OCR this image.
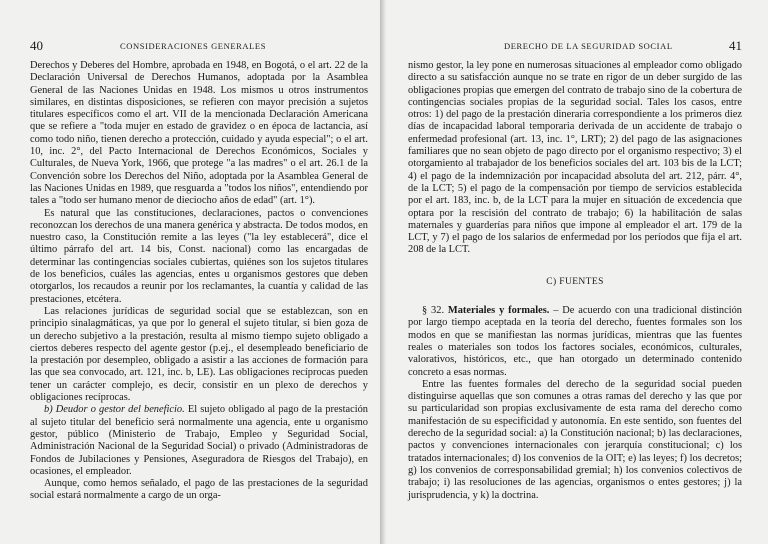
40	CONSIDERACIONES GENERALES

Derechos y Deberes del Hombre, aprobada en 1948, en Bogotá, o el art. 22 de la Declaración Universal de Derechos Humanos, adoptada por la Asamblea General de las Naciones Unidas en 1948. Los mismos u otros instrumentos similares, en distintas disposiciones, se refieren con mayor precisión a sujetos titulares específicos como el art. VII de la mencionada Declaración Americana que se refiere a "toda mujer en estado de gravidez o en época de lactancia, así como todo niño, tienen derecho a protección, cuidado y ayuda especial"; o el art. 10, inc. 2°, del Pacto Internacional de Derechos Económicos, Sociales y Culturales, de Nueva York, 1966, que protege "a las madres" o el art. 26.1 de la Convención sobre los Derechos del Niño, adoptada por la Asamblea General de las Naciones Unidas en 1989, que resguarda a "todos los niños", entendiendo por tales a "todo ser humano menor de dieciocho años de edad" (art. 1°).

Es natural que las constituciones, declaraciones, pactos o convenciones reconozcan los derechos de una manera genérica y abstracta. De todos modos, en nuestro caso, la Constitución remite a las leyes ("la ley establecerá", dice el último párrafo del art. 14 bis, Const. nacional) como las encargadas de determinar las contingencias sociales cubiertas, quiénes son los sujetos titulares de los beneficios, cuáles las agencias, entes u organismos gestores que deben otorgarlos, los recaudos a reunir por los reclamantes, la cuantía y calidad de las prestaciones, etcétera.

Las relaciones jurídicas de seguridad social que se establezcan, son en principio sinalagmáticas, ya que por lo general el sujeto titular, si bien goza de un derecho subjetivo a la prestación, resulta al mismo tiempo sujeto obligado a ciertos deberes respecto del agente gestor (p.ej., el desempleado beneficiario de la prestación por desempleo, obligado a asistir a las acciones de formación para las que sea convocado, art. 121, inc. b, LE). Las obligaciones recíprocas pueden tener un carácter complejo, es decir, consistir en un plexo de derechos y obligaciones recíprocas.

b) Deudor o gestor del beneficio. El sujeto obligado al pago de la prestación al sujeto titular del beneficio será normalmente una agencia, ente u organismo gestor, público (Ministerio de Trabajo, Empleo y Seguridad Social, Administración Nacional de la Seguridad Social) o privado (Administradoras de Fondos de Jubilaciones y Pensiones, Aseguradora de Riesgos del Trabajo), en ocasiones, el empleador.

Aunque, como hemos señalado, el pago de las prestaciones de la seguridad social estará normalmente a cargo de un orga-

DERECHO DE LA SEGURIDAD SOCIAL	41

nismo gestor, la ley pone en numerosas situaciones al empleador como obligado directo a su satisfacción aunque no se trate en rigor de un deber surgido de las obligaciones propias que emergen del contrato de trabajo sino de la cobertura de contingencias sociales propias de la seguridad social. Tales los casos, entre otros: 1) del pago de la prestación dineraria correspondiente a los primeros diez días de incapacidad laboral temporaria derivada de un accidente de trabajo o enfermedad profesional (art. 13, inc. 1°, LRT); 2) del pago de las asignaciones familiares que no sean objeto de pago directo por el organismo respectivo; 3) el otorgamiento al trabajador de los beneficios sociales del art. 103 bis de la LCT; 4) el pago de la indemnización por incapacidad absoluta del art. 212, párr. 4°, de la LCT; 5) el pago de la compensación por tiempo de servicios establecida por el art. 183, inc. b, de la LCT para la mujer en situación de excedencia que optara por la rescisión del contrato de trabajo; 6) la habilitación de salas maternales y guarderías para niños que impone al empleador el art. 179 de la LCT, y 7) el pago de los salarios de enfermedad por los períodos que fija el art. 208 de la LCT.

C) FUENTES

§ 32. Materiales y formales. – De acuerdo con una tradicional distinción por largo tiempo aceptada en la teoría del derecho, fuentes formales son los modos en que se manifiestan las normas jurídicas, mientras que las fuentes reales o materiales son todos los factores sociales, económicos, culturales, valorativos, históricos, etc., que han otorgado un determinado contenido concreto a esas normas.

Entre las fuentes formales del derecho de la seguridad social pueden distinguirse aquellas que son comunes a otras ramas del derecho y las que por su particularidad son propias exclusivamente de esta rama del derecho como manifestación de su especificidad y autonomía. En este sentido, son fuentes del derecho de la seguridad social: a) la Constitución nacional; b) las declaraciones, pactos y convenciones internacionales con jerarquía constitucional; c) los tratados internacionales; d) los convenios de la OIT; e) las leyes; f) los decretos; g) los convenios de corresponsabilidad gremial; h) los convenios colectivos de trabajo; i) las resoluciones de las agencias, organismos o entes gestores; j) la jurisprudencia, y k) la doctrina.
